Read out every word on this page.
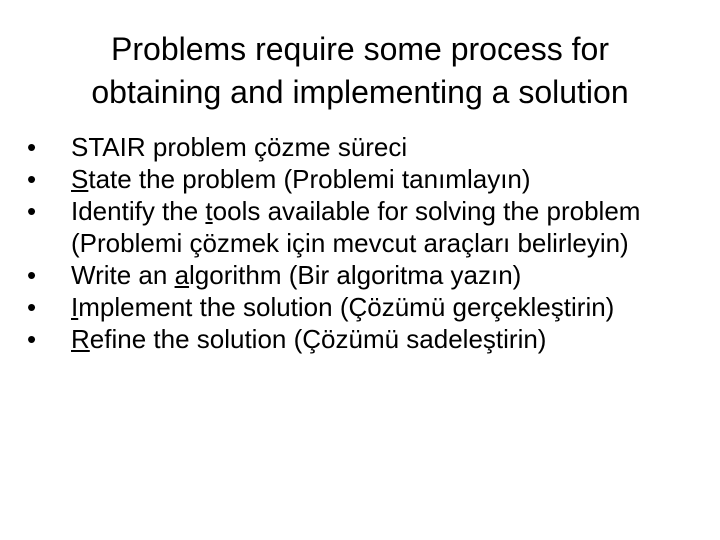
Problems require some process for
obtaining and implementing a solution
• STAIR problem çözme süreci
• State the problem (Problemi tanımlayın)
• Identify the tools available for solving the problem (Problemi çözmek için mevcut araçları belirleyin)
• Write an algorithm (Bir algoritma yazın)
• Implement the solution (Çözümü gerçekleştirin)
• Refine the solution (Çözümü sadeleştirin)
